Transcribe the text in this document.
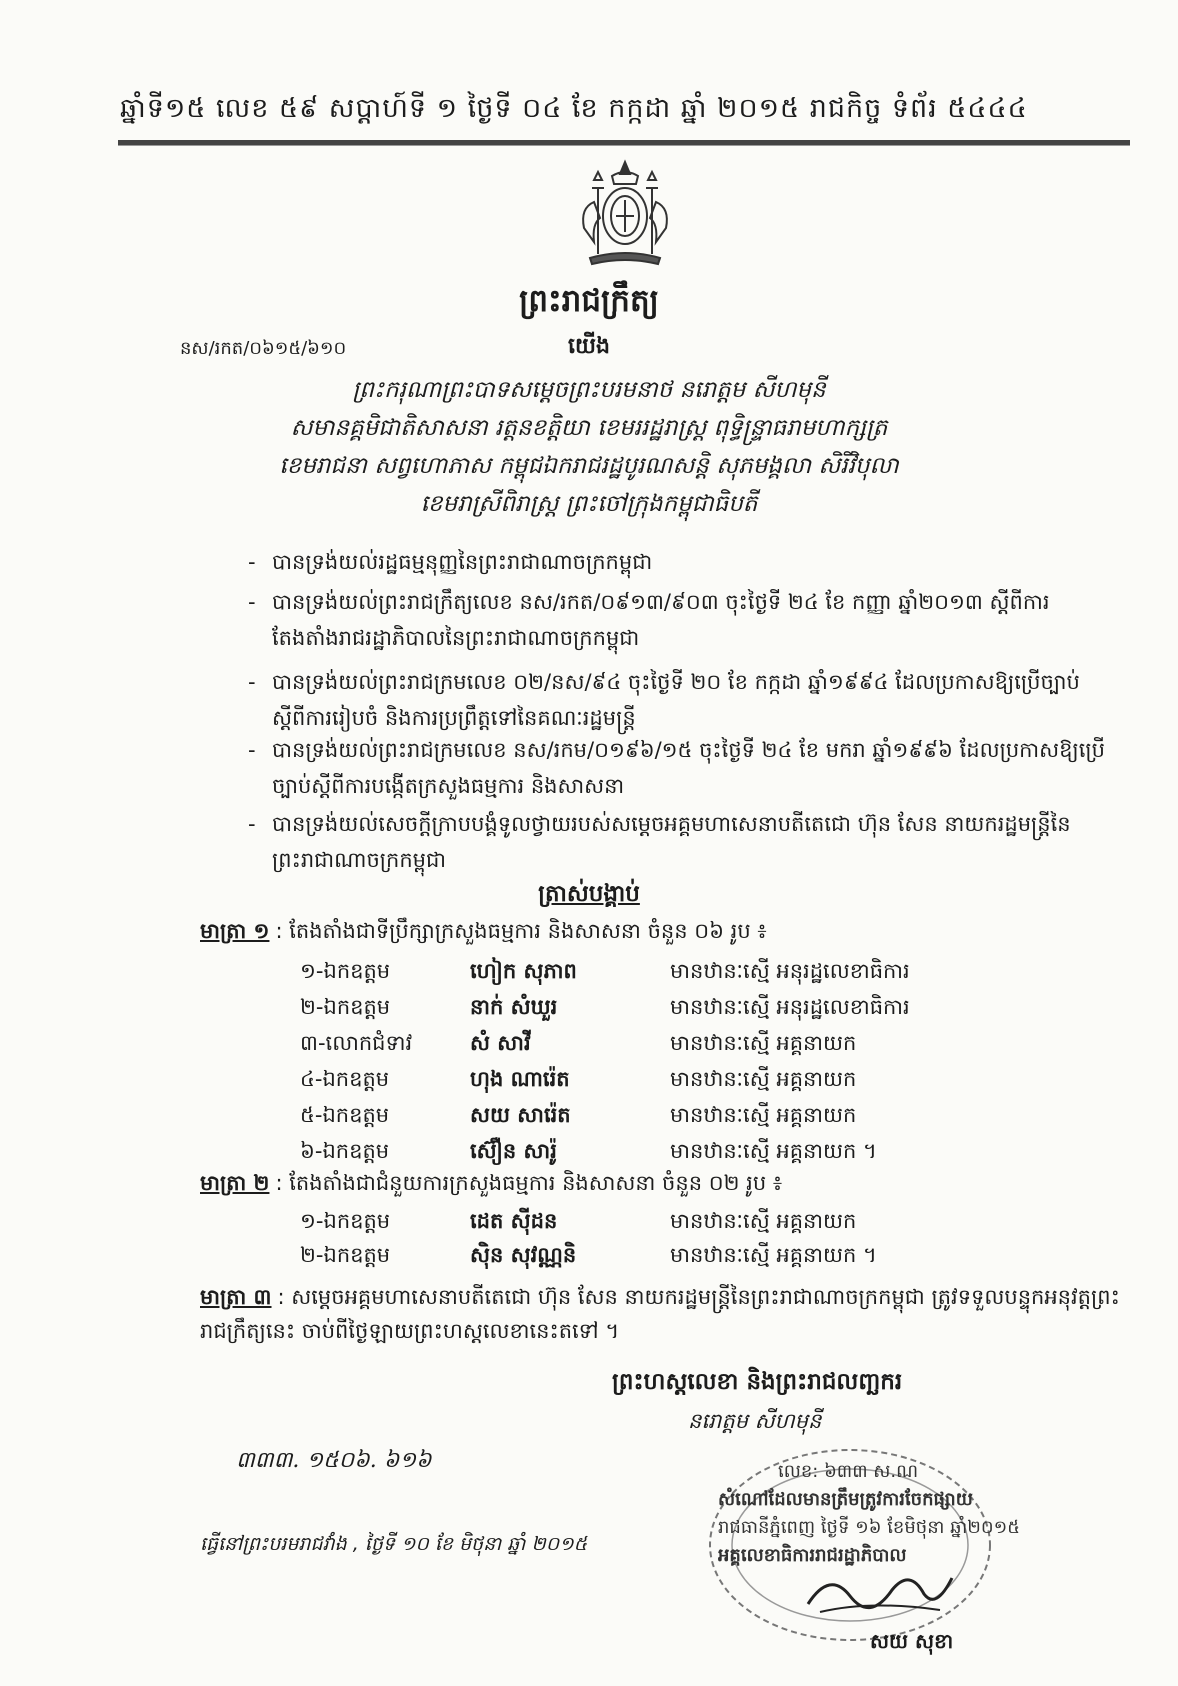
ឆ្នាំទី១៥ លេខ ៥៩ សប្តាហ៍ទី ១ ថ្ងៃទី ០៤ ខែ កក្កដា ឆ្នាំ ២០១៥ រាជកិច្ច ទំព័រ ៥៤៤៤
ព្រះរាជក្រឹត្យ
នស/រកត/០៦១៥/៦១០	យើង
ព្រះករុណាព្រះបាទសម្តេចព្រះបរមនាថ នរោត្តម សីហមុនី
សមានគ្គមិជាតិសាសនា រត្តនខត្តិយា ខេមររដ្ឋរាស្ត្រ ពុទ្ធិន្ទ្រាធរាមហាក្សត្រ
ខេមរាជនា សព្វហោភាស កម្ពុជឯករាជរដ្ឋបូរណសន្តិ សុភមង្គលា សិរីវិបុលា
ខេមរាស្រីពិរាស្ត្រ ព្រះចៅក្រុងកម្ពុជាធិបតី
- បានទ្រង់យល់រដ្ឋធម្មនុញ្ញនៃព្រះរាជាណាចក្រកម្ពុជា
- បានទ្រង់យល់ព្រះរាជក្រឹត្យលេខ នស/រកត/០៩១៣/៩០៣ ចុះថ្ងៃទី ២៤ ខែ កញ្ញា ឆ្នាំ២០១៣ ស្តីពីការតែងតាំងរាជរដ្ឋាភិបាលនៃព្រះរាជាណាចក្រកម្ពុជា
- បានទ្រង់យល់ព្រះរាជក្រមលេខ ០២/នស/៩៤ ចុះថ្ងៃទី ២០ ខែ កក្កដា ឆ្នាំ១៩៩៤ ដែលប្រកាសឱ្យប្រើច្បាប់ស្តីពីការរៀបចំ និងការប្រព្រឹត្តទៅនៃគណៈរដ្ឋមន្ត្រី
- បានទ្រង់យល់ព្រះរាជក្រមលេខ នស/រកម/០១៩៦/១៥ ចុះថ្ងៃទី ២៤ ខែ មករា ឆ្នាំ១៩៩៦ ដែលប្រកាសឱ្យប្រើច្បាប់ស្តីពីការបង្កើតក្រសួងធម្មការ និងសាសនា
- បានទ្រង់យល់សេចក្តីក្រាបបង្គំទូលថ្វាយរបស់សម្តេចអគ្គមហាសេនាបតីតេជោ ហ៊ុន សែន នាយករដ្ឋមន្ត្រីនៃព្រះរាជាណាចក្រកម្ពុជា
ត្រាស់បង្គាប់
មាត្រា ១ : តែងតាំងជាទីប្រឹក្សាក្រសួងធម្មការ និងសាសនា ចំនួន ០៦ រូប ៖
១-ឯកឧត្តម	ហៀក សុភាព	មានឋានៈស្មើ អនុរដ្ឋលេខាធិការ
២-ឯកឧត្តម	នាក់ សំឃួរ	មានឋានៈស្មើ អនុរដ្ឋលេខាធិការ
៣-លោកជំទាវ	សំ សាវី	មានឋានៈស្មើ អគ្គនាយក
៤-ឯកឧត្តម	ហុង ណារ៉េត	មានឋានៈស្មើ អគ្គនាយក
៥-ឯកឧត្តម	សយ សារ៉េត	មានឋានៈស្មើ អគ្គនាយក
៦-ឯកឧត្តម	ស៊ឿន សារ៉ូ	មានឋានៈស្មើ អគ្គនាយក ។
មាត្រា ២ : តែងតាំងជាជំនួយការក្រសួងធម្មការ និងសាសនា ចំនួន ០២ រូប ៖
១-ឯកឧត្តម	ដេត ស៊ីដន	មានឋានៈស្មើ អគ្គនាយក
២-ឯកឧត្តម	ស៊ិន សុវណ្ណនិ	មានឋានៈស្មើ អគ្គនាយក ។
មាត្រា ៣ : សម្តេចអគ្គមហាសេនាបតីតេជោ ហ៊ុន សែន នាយករដ្ឋមន្ត្រីនៃព្រះរាជាណាចក្រកម្ពុជា ត្រូវទទួលបន្ទុកអនុវត្តព្រះរាជក្រឹត្យនេះ ចាប់ពីថ្ងៃឡាយព្រះហស្តលេខានេះតទៅ ។
ព្រះហស្តលេខា និងព្រះរាជលញ្ឆករ
នរោត្តម សីហមុនី
៣៣៣. ១៥០៦. ៦១៦
ធ្វើនៅព្រះបរមរាជវាំង , ថ្ងៃទី ១០ ខែ មិថុនា ឆ្នាំ ២០១៥
លេខ: ៦៣៣ ស.ណ
សំណៅដែលមានត្រឹមត្រូវការចែកផ្សាយ
រាជធានីភ្នំពេញ ថ្ងៃទី ១៦ ខែមិថុនា ឆ្នាំ២០១៥
អគ្គលេខាធិការរាជរដ្ឋាភិបាល
សយ សុខា
